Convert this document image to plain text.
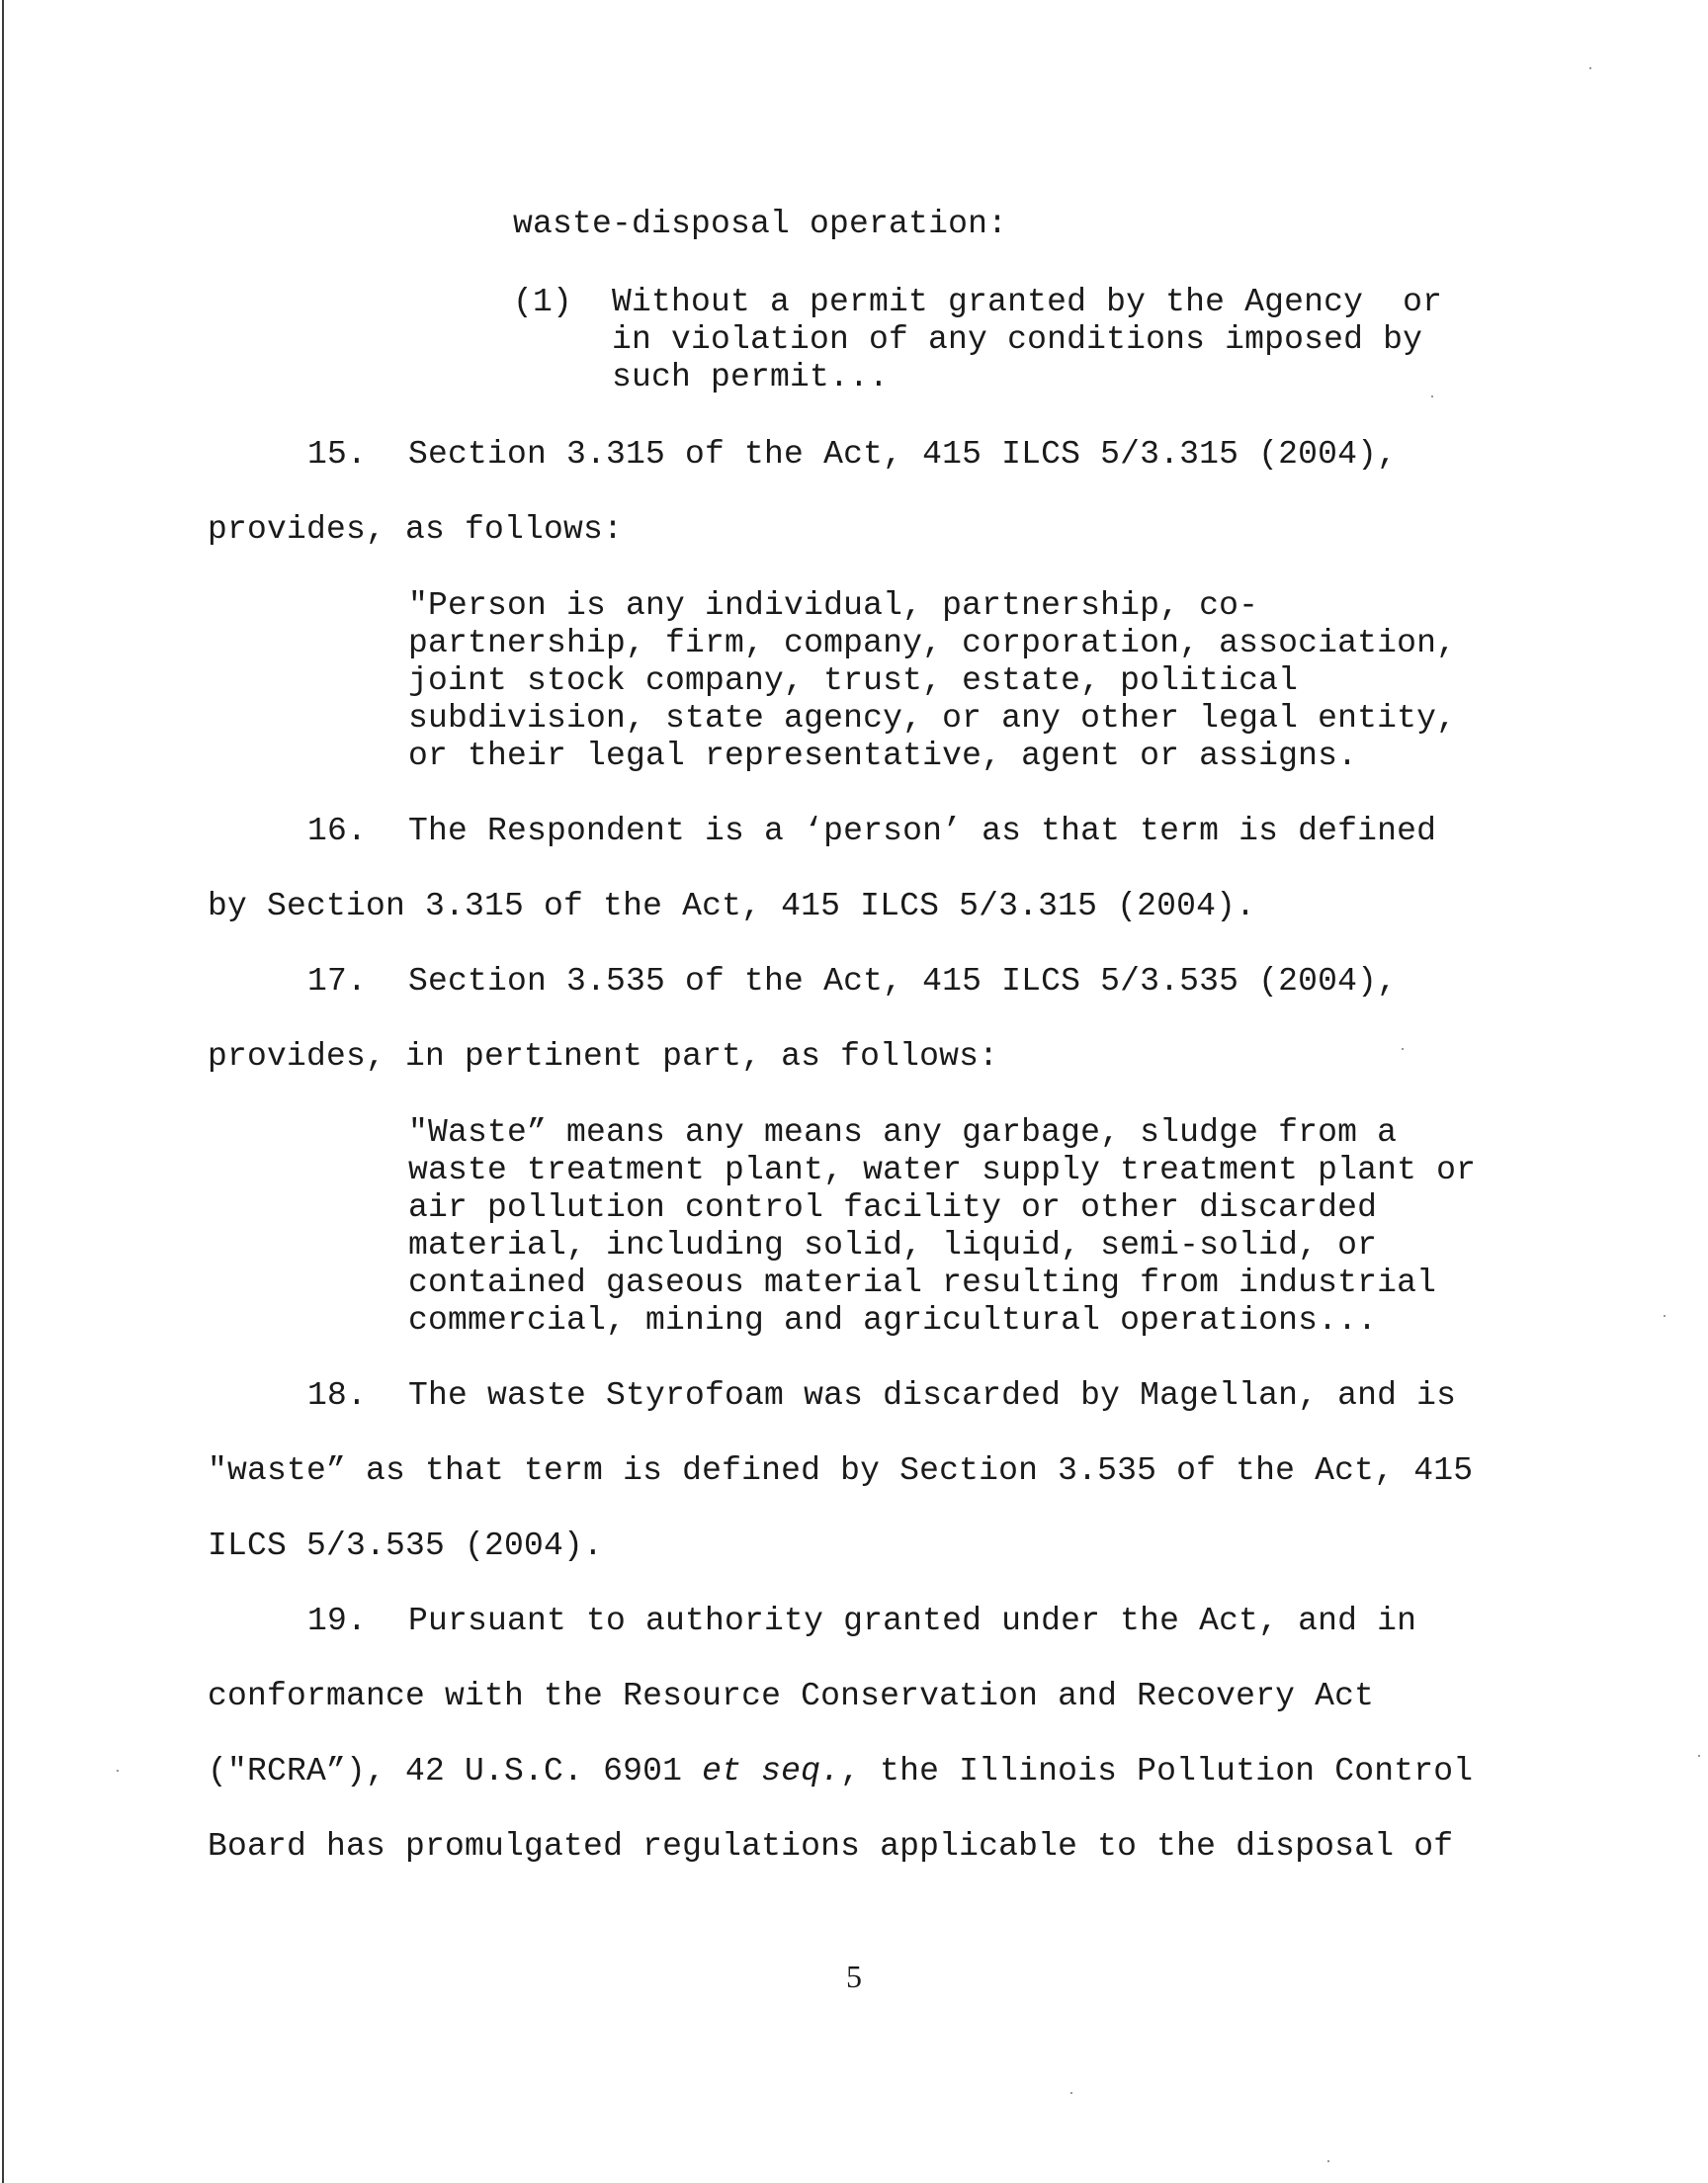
waste-disposal operation:
(1) Without a permit granted by the Agency  or
in violation of any conditions imposed by
such permit...
15. Section 3.315 of the Act, 415 ILCS 5/3.315 (2004),
provides, as follows:
"Person is any individual, partnership, co-
partnership, firm, company, corporation, association,
joint stock company, trust, estate, political
subdivision, state agency, or any other legal entity,
or their legal representative, agent or assigns.
16. The Respondent is a ‘person’ as that term is defined
by Section 3.315 of the Act, 415 ILCS 5/3.315 (2004).
17. Section 3.535 of the Act, 415 ILCS 5/3.535 (2004),
provides, in pertinent part, as follows:
"Waste” means any means any garbage, sludge from a
waste treatment plant, water supply treatment plant or
air pollution control facility or other discarded
material, including solid, liquid, semi-solid, or
contained gaseous material resulting from industrial
commercial, mining and agricultural operations...
18. The waste Styrofoam was discarded by Magellan, and is
"waste” as that term is defined by Section 3.535 of the Act, 415
ILCS 5/3.535 (2004).
19. Pursuant to authority granted under the Act, and in
conformance with the Resource Conservation and Recovery Act
("RCRA”), 42 U.S.C. 6901 et seq., the Illinois Pollution Control
Board has promulgated regulations applicable to the disposal of
5
